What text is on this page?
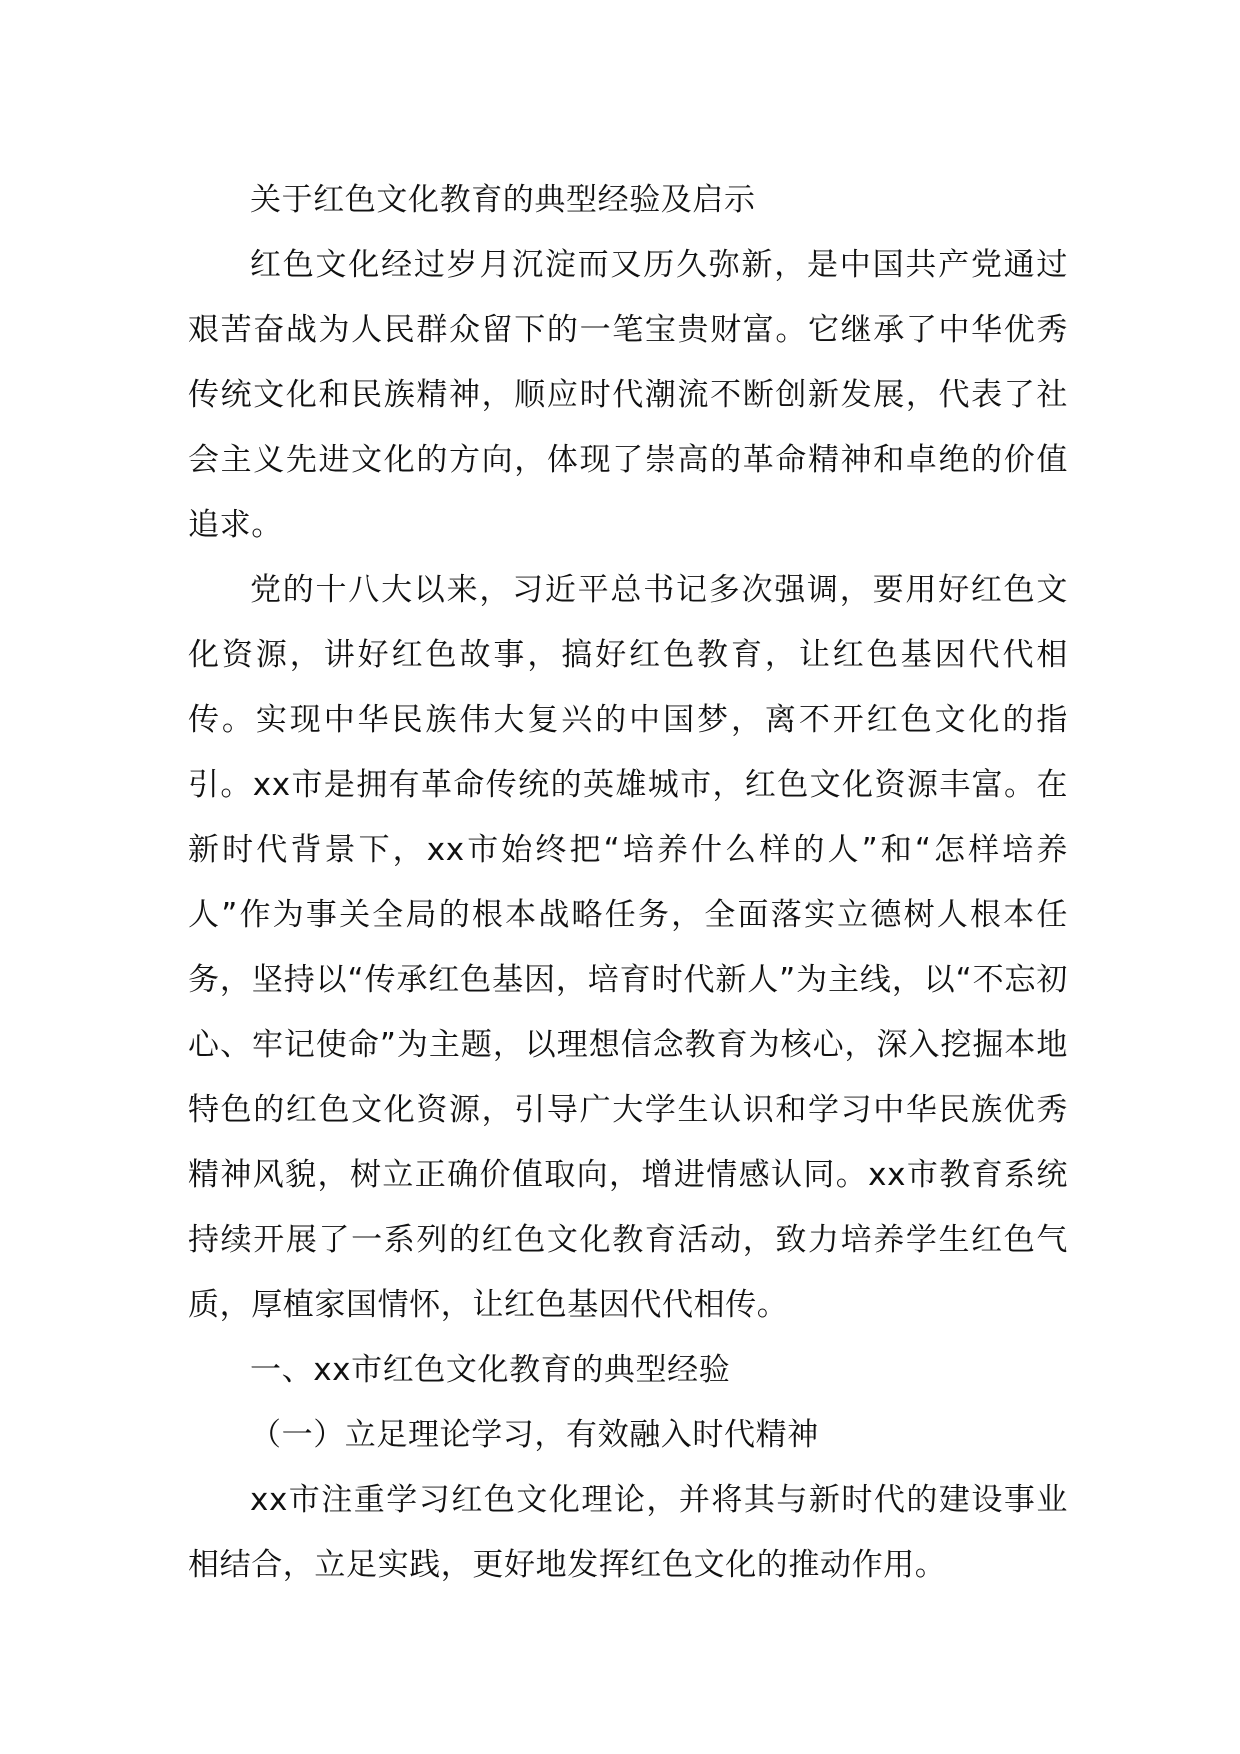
关于红色文化教育的典型经验及启示

红色文化经过岁月沉淀而又历久弥新，是中国共产党通过艰苦奋战为人民群众留下的一笔宝贵财富。它继承了中华优秀传统文化和民族精神，顺应时代潮流不断创新发展，代表了社会主义先进文化的方向，体现了崇高的革命精神和卓绝的价值追求。

党的十八大以来，习近平总书记多次强调，要用好红色文化资源，讲好红色故事，搞好红色教育，让红色基因代代相传。实现中华民族伟大复兴的中国梦，离不开红色文化的指引。xx市是拥有革命传统的英雄城市，红色文化资源丰富。在新时代背景下，xx市始终把“培养什么样的人”和“怎样培养人”作为事关全局的根本战略任务，全面落实立德树人根本任务，坚持以“传承红色基因，培育时代新人”为主线，以“不忘初心、牢记使命”为主题，以理想信念教育为核心，深入挖掘本地特色的红色文化资源，引导广大学生认识和学习中华民族优秀精神风貌，树立正确价值取向，增进情感认同。xx市教育系统持续开展了一系列的红色文化教育活动，致力培养学生红色气质，厚植家国情怀，让红色基因代代相传。

一、xx市红色文化教育的典型经验

（一）立足理论学习，有效融入时代精神

xx市注重学习红色文化理论，并将其与新时代的建设事业相结合，立足实践，更好地发挥红色文化的推动作用。
